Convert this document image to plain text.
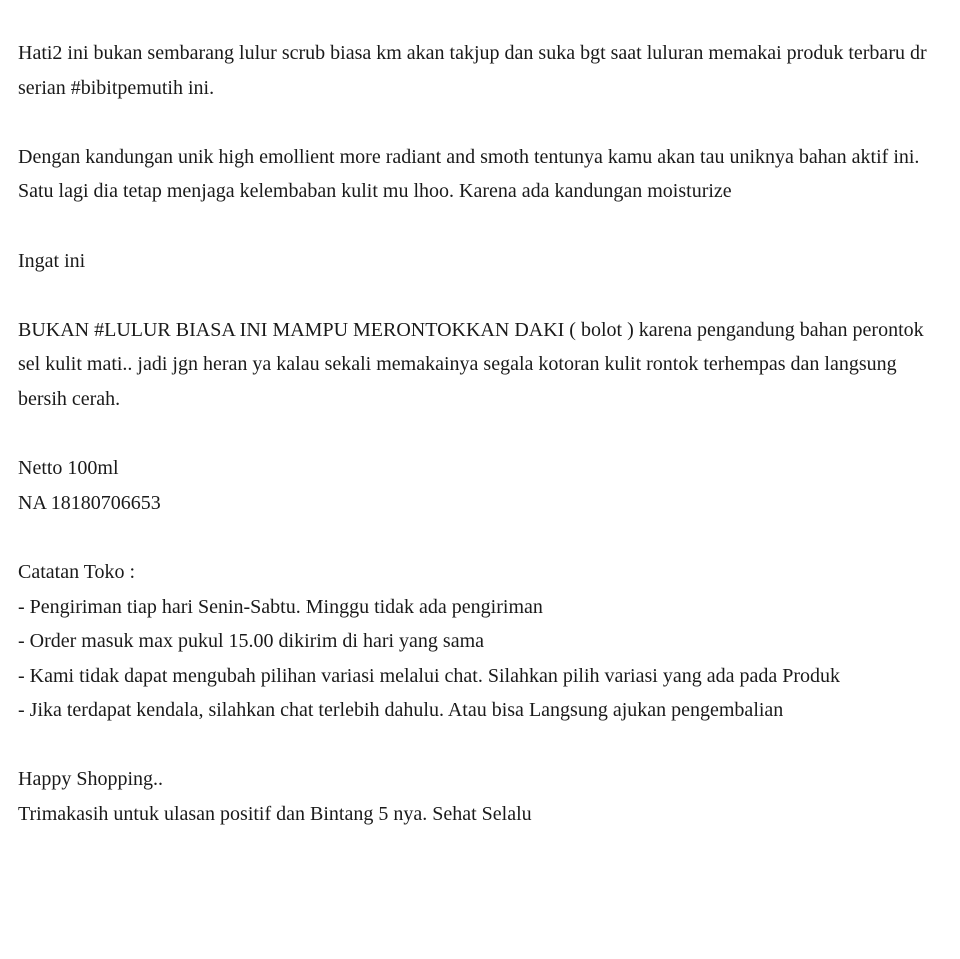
Hati2 ini bukan sembarang lulur scrub biasa km akan takjup dan suka bgt saat luluran memakai produk terbaru dr serian #bibitpemutih ini.
Dengan kandungan unik high emollient more radiant and smoth tentunya kamu akan tau uniknya bahan aktif ini. Satu lagi dia tetap menjaga kelembaban kulit mu lhoo. Karena ada kandungan moisturize
Ingat ini
BUKAN #LULUR BIASA INI MAMPU MERONTOKKAN DAKI ( bolot ) karena pengandung bahan perontok sel kulit mati.. jadi jgn heran ya kalau sekali memakainya segala kotoran kulit rontok terhempas dan langsung bersih cerah.
Netto 100ml
NA 18180706653
Catatan Toko :
- Pengiriman tiap hari Senin-Sabtu. Minggu tidak ada pengiriman
- Order masuk max pukul 15.00 dikirim di hari yang sama
- Kami tidak dapat mengubah pilihan variasi melalui chat. Silahkan pilih variasi yang ada pada Produk
- Jika terdapat kendala, silahkan chat terlebih dahulu. Atau bisa Langsung ajukan pengembalian
Happy Shopping..
Trimakasih untuk ulasan positif dan Bintang 5 nya. Sehat Selalu
